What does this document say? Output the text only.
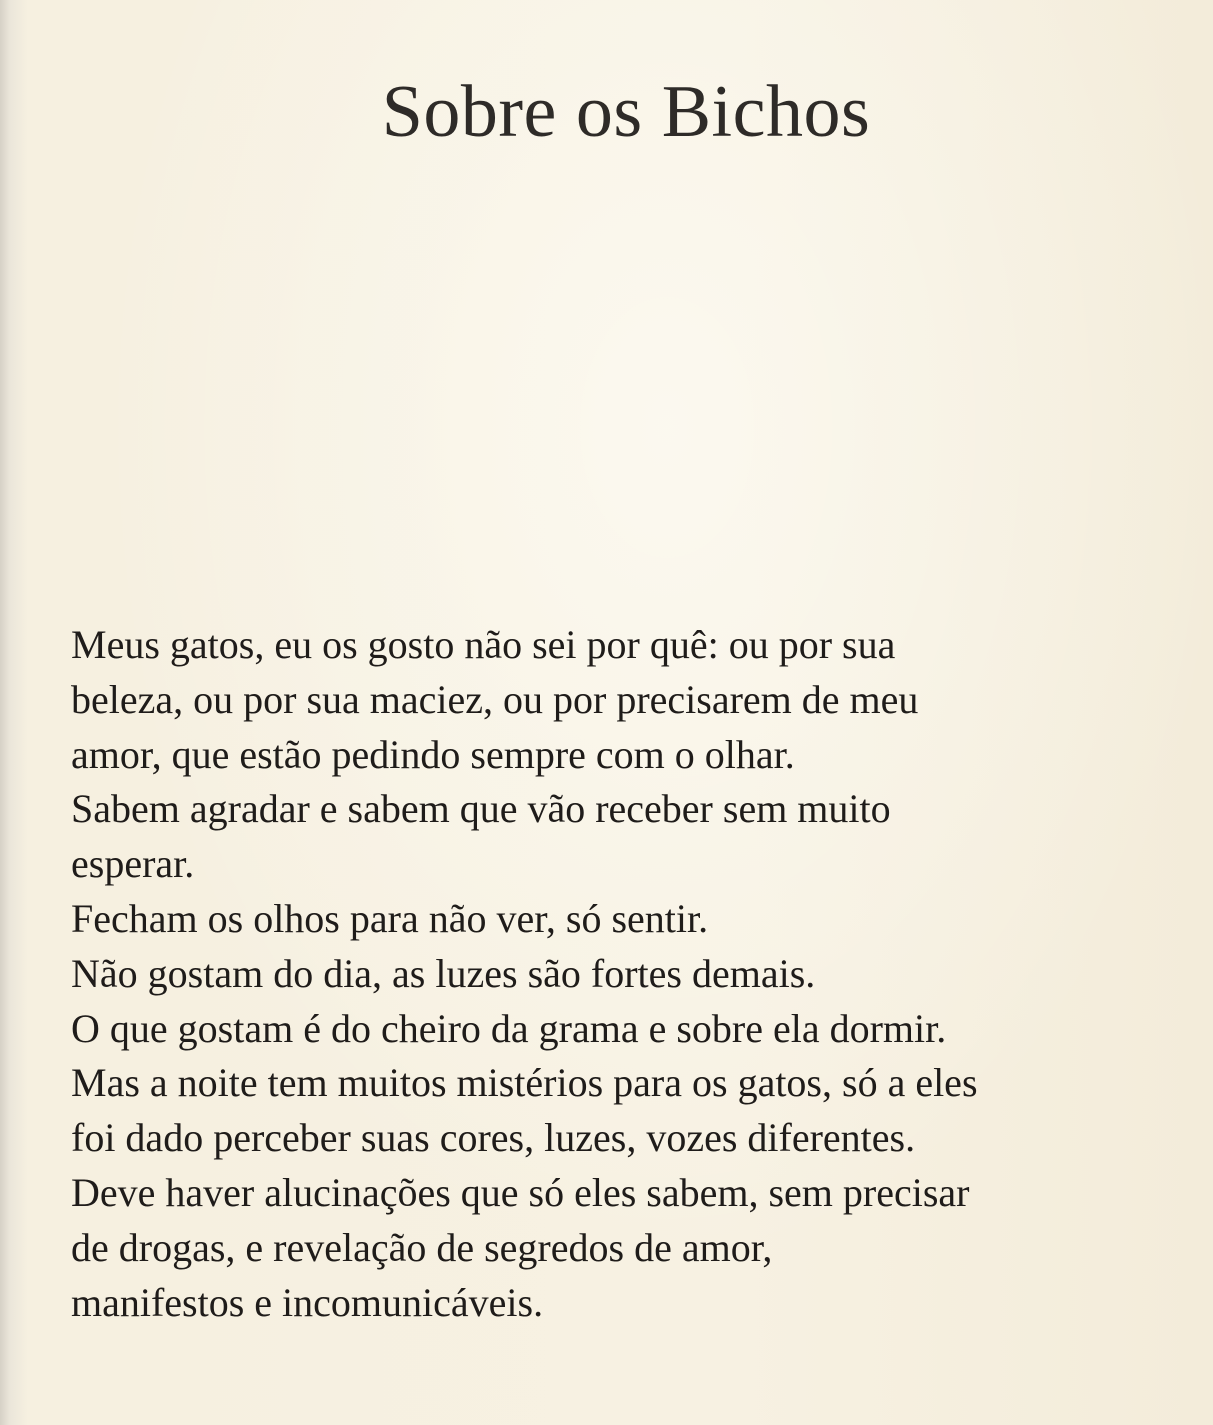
Sobre os Bichos
Meus gatos, eu os gosto não sei por quê: ou por sua
beleza, ou por sua maciez, ou por precisarem de meu
amor, que estão pedindo sempre com o olhar.
Sabem agradar e sabem que vão receber sem muito
esperar.
Fecham os olhos para não ver, só sentir.
Não gostam do dia, as luzes são fortes demais.
O que gostam é do cheiro da grama e sobre ela dormir.
Mas a noite tem muitos mistérios para os gatos, só a eles
foi dado perceber suas cores, luzes, vozes diferentes.
Deve haver alucinações que só eles sabem, sem precisar
de drogas, e revelação de segredos de amor,
manifestos e incomunicáveis.
